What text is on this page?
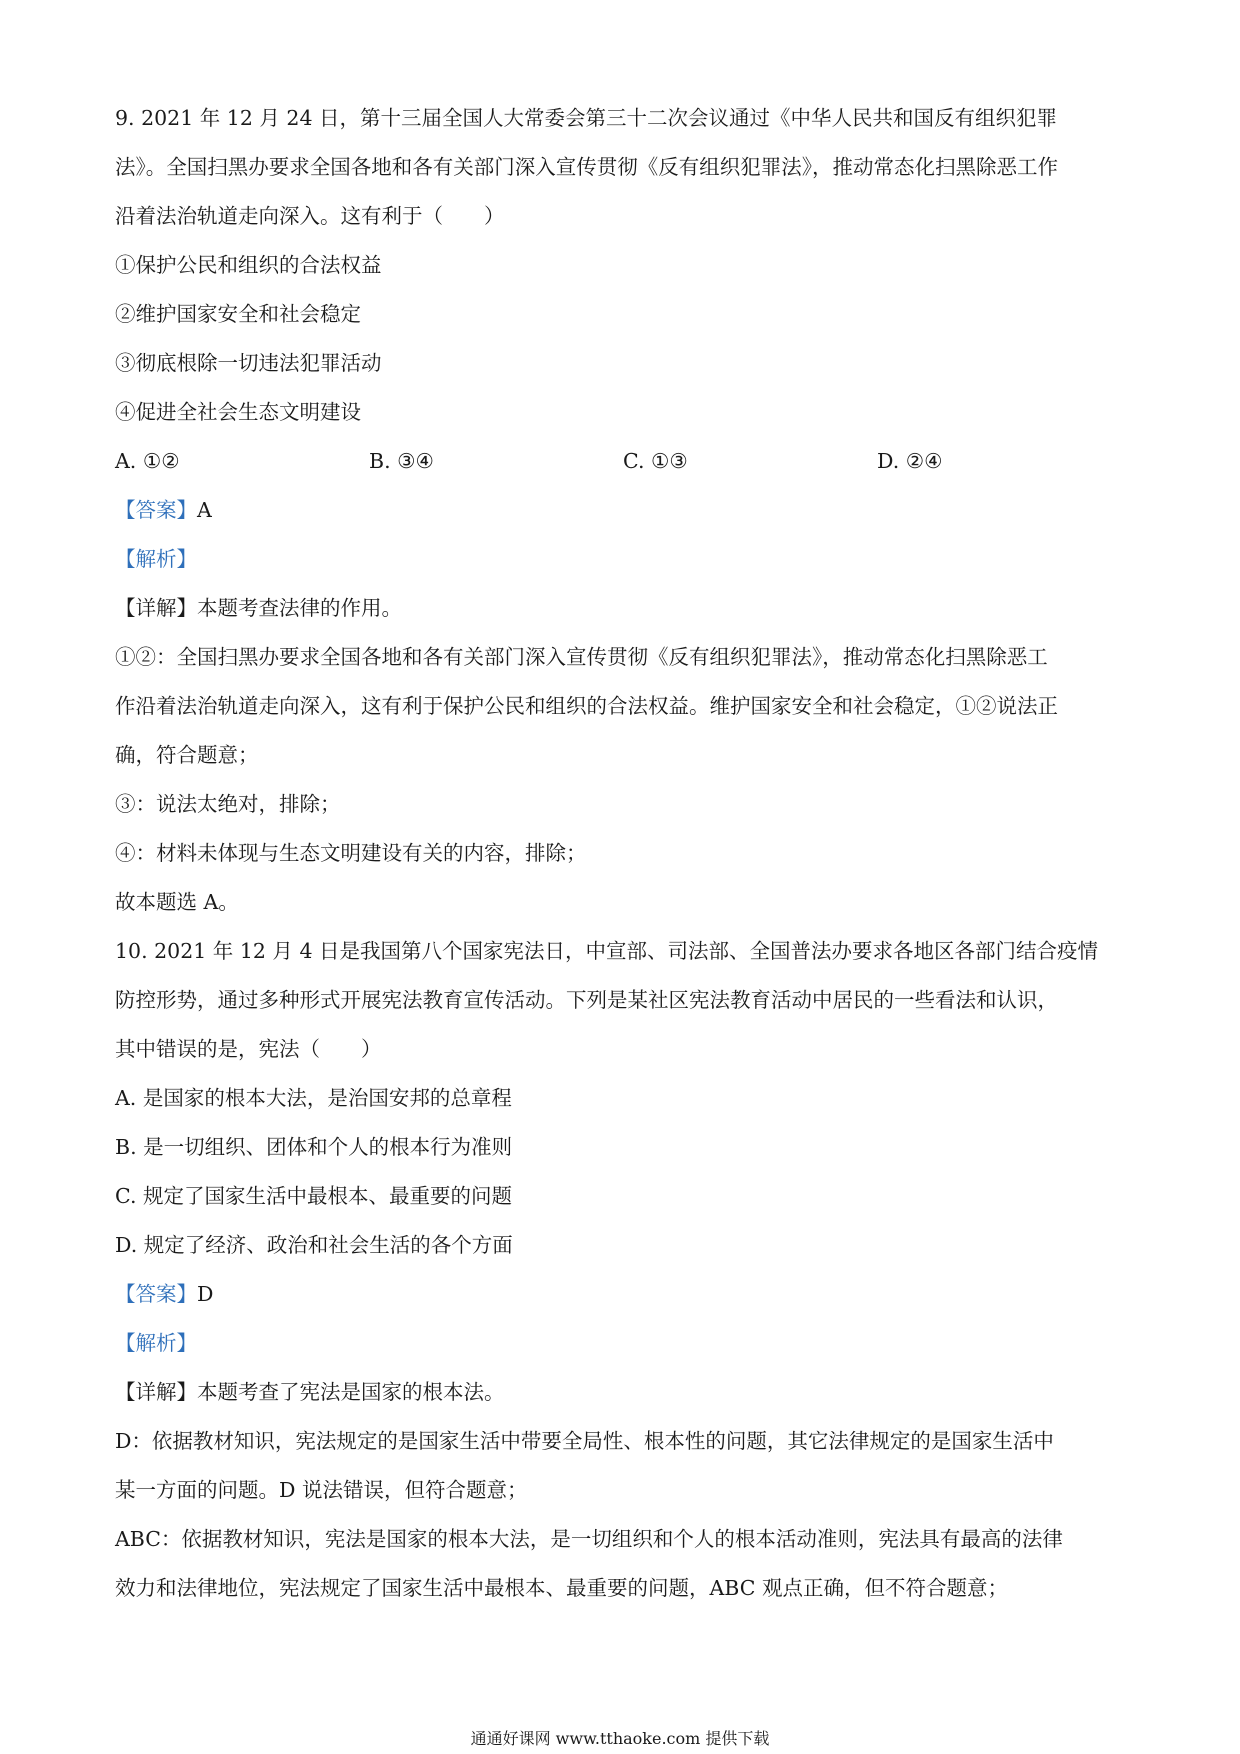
9. 2021 年 12 月 24 日，第十三届全国人大常委会第三十二次会议通过《中华人民共和国反有组织犯罪
法》。全国扫黑办要求全国各地和各有关部门深入宣传贯彻《反有组织犯罪法》，推动常态化扫黑除恶工作
沿着法治轨道走向深入。这有利于（　　）
①保护公民和组织的合法权益
②维护国家安全和社会稳定
③彻底根除一切违法犯罪活动
④促进全社会生态文明建设
A. ①②	B. ③④	C. ①③	D. ②④
【答案】A
【解析】
【详解】本题考查法律的作用。
①②：全国扫黑办要求全国各地和各有关部门深入宣传贯彻《反有组织犯罪法》，推动常态化扫黑除恶工
作沿着法治轨道走向深入，这有利于保护公民和组织的合法权益。维护国家安全和社会稳定，①②说法正
确，符合题意；
③：说法太绝对，排除；
④：材料未体现与生态文明建设有关的内容，排除；
故本题选 A。
10. 2021 年 12 月 4 日是我国第八个国家宪法日，中宣部、司法部、全国普法办要求各地区各部门结合疫情
防控形势，通过多种形式开展宪法教育宣传活动。下列是某社区宪法教育活动中居民的一些看法和认识，
其中错误的是，宪法（　　）
A. 是国家的根本大法，是治国安邦的总章程
B. 是一切组织、团体和个人的根本行为准则
C. 规定了国家生活中最根本、最重要的问题
D. 规定了经济、政治和社会生活的各个方面
【答案】D
【解析】
【详解】本题考查了宪法是国家的根本法。
D：依据教材知识，宪法规定的是国家生活中带要全局性、根本性的问题，其它法律规定的是国家生活中
某一方面的问题。D 说法错误，但符合题意；
ABC：依据教材知识，宪法是国家的根本大法，是一切组织和个人的根本活动准则，宪法具有最高的法律
效力和法律地位，宪法规定了国家生活中最根本、最重要的问题，ABC 观点正确，但不符合题意；
通通好课网 www.tthaoke.com 提供下载
